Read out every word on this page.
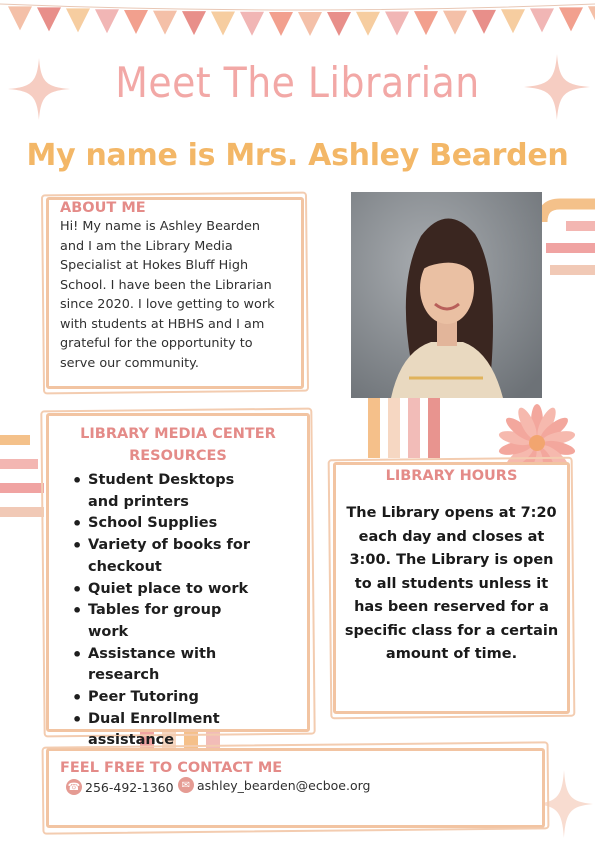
Meet The Librarian
My name is Mrs. Ashley Bearden
ABOUT ME
Hi! My name is Ashley Bearden and I am the Library Media Specialist at Hokes Bluff High School. I have been the Librarian since 2020. I love getting to work with students at HBHS and I am grateful for the opportunity to serve our community.
LIBRARY MEDIA CENTER
RESOURCES
• Student Desktops and printers
• School Supplies
• Variety of books for checkout
• Quiet place to work
• Tables for group work
• Assistance with research
• Peer Tutoring
• Dual Enrollment assistance
LIBRARY HOURS
The Library opens at 7:20 each day and closes at 3:00. The Library is open to all students unless it has been reserved for a specific class for a certain amount of time.
FEEL FREE TO CONTACT ME
☎ 256-492-1360 ✉ ashley_bearden@ecboe.org
